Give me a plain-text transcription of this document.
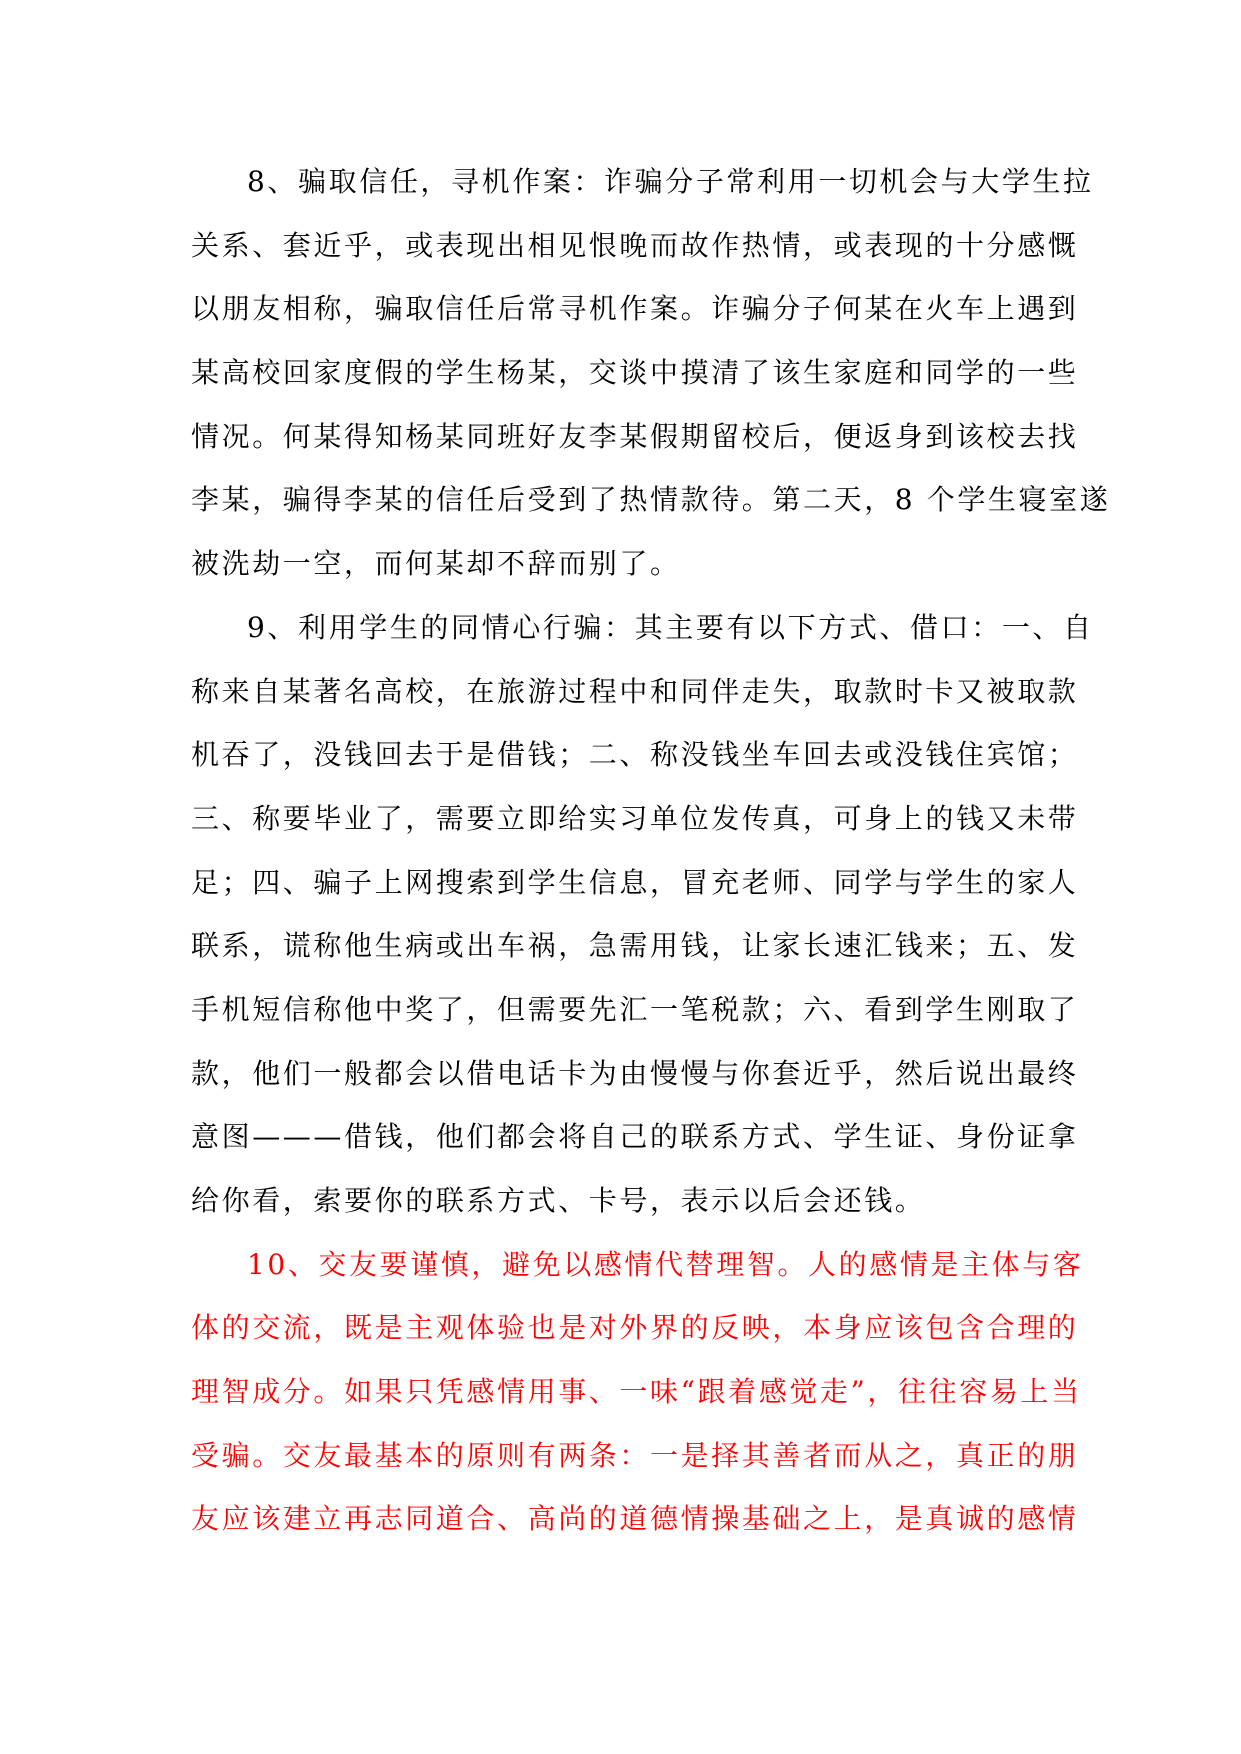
8、骗取信任，寻机作案：诈骗分子常利用一切机会与大学生拉
关系、套近乎，或表现出相见恨晚而故作热情，或表现的十分感慨
以朋友相称，骗取信任后常寻机作案。诈骗分子何某在火车上遇到
某高校回家度假的学生杨某，交谈中摸清了该生家庭和同学的一些
情况。何某得知杨某同班好友李某假期留校后，便返身到该校去找
李某，骗得李某的信任后受到了热情款待。第二天，8 个学生寝室遂
被洗劫一空，而何某却不辞而别了。
9、利用学生的同情心行骗：其主要有以下方式、借口：一、自
称来自某著名高校，在旅游过程中和同伴走失，取款时卡又被取款
机吞了，没钱回去于是借钱；二、称没钱坐车回去或没钱住宾馆；
三、称要毕业了，需要立即给实习单位发传真，可身上的钱又未带
足；四、骗子上网搜索到学生信息，冒充老师、同学与学生的家人
联系，谎称他生病或出车祸，急需用钱，让家长速汇钱来；五、发
手机短信称他中奖了，但需要先汇一笔税款；六、看到学生刚取了
款，他们一般都会以借电话卡为由慢慢与你套近乎，然后说出最终
意图———借钱，他们都会将自己的联系方式、学生证、身份证拿
给你看，索要你的联系方式、卡号，表示以后会还钱。
10、交友要谨慎，避免以感情代替理智。人的感情是主体与客
体的交流，既是主观体验也是对外界的反映，本身应该包含合理的
理智成分。如果只凭感情用事、一味“跟着感觉走”，往往容易上当
受骗。交友最基本的原则有两条：一是择其善者而从之，真正的朋
友应该建立再志同道合、高尚的道德情操基础之上，是真诚的感情
